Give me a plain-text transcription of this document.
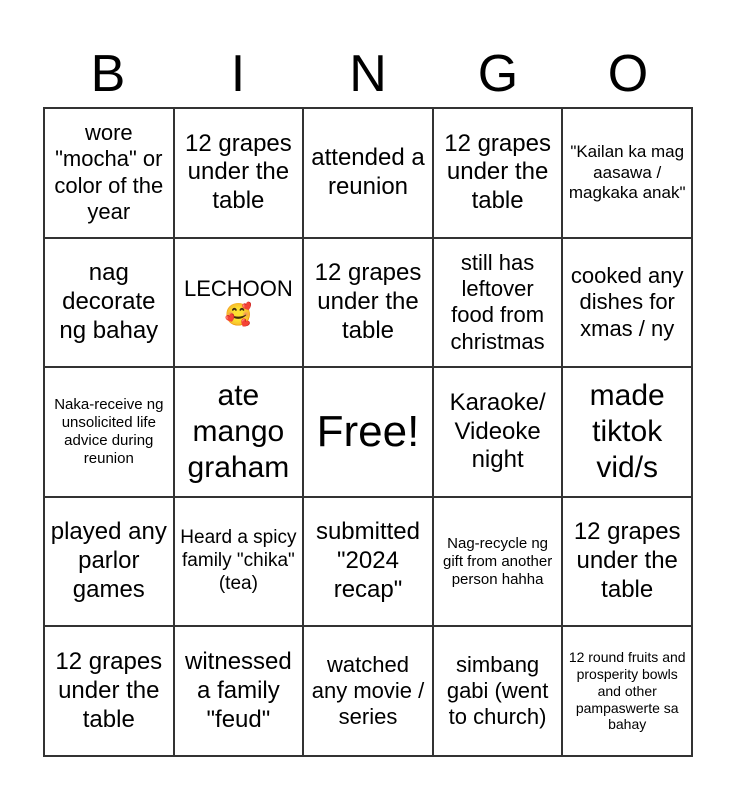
B	I	N	G	O
wore "mocha" or color of the year
12 grapes under the table
attended a reunion
12 grapes under the table
"Kailan ka mag aasawa / magkaka anak"
nag decorate ng bahay
LECHOON 🥰
12 grapes under the table
still has leftover food from christmas
cooked any dishes for xmas / ny
Naka-receive ng unsolicited life advice during reunion
ate mango graham
Free!
Karaoke/ Videoke night
made tiktok vid/s
played any parlor games
Heard a spicy family "chika" (tea)
submitted "2024 recap"
Nag-recycle ng gift from another person hahha
12 grapes under the table
12 grapes under the table
witnessed a family "feud"
watched any movie / series
simbang gabi (went to church)
12 round fruits and prosperity bowls and other pampaswerte sa bahay
